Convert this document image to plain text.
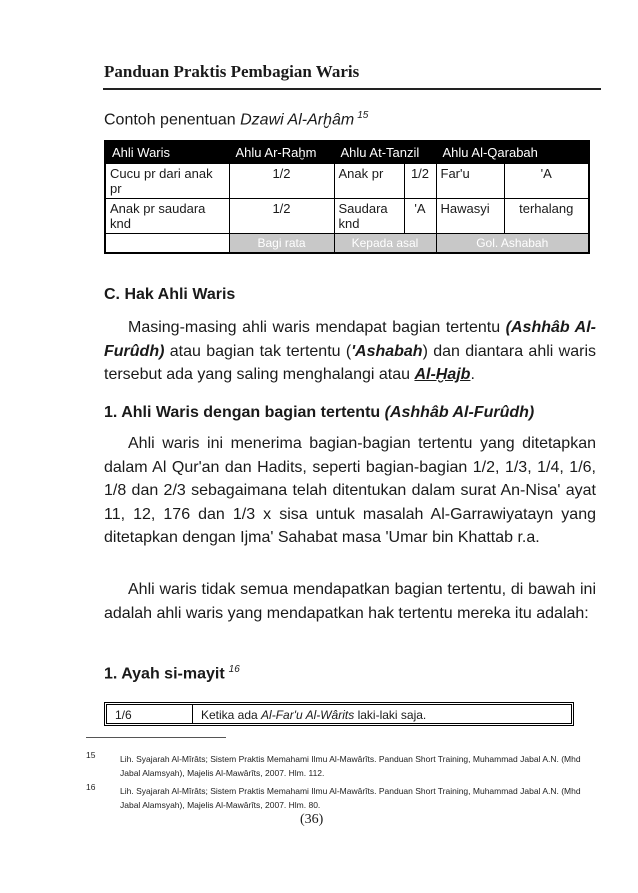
Panduan Praktis Pembagian Waris
Contoh penentuan Dzawi Al-Arḫâm $^{15}$
Ahli Waris	Ahlu Ar-Raḫm	Ahlu At-Tanzil		Ahlu Al-Qarabah	
Cucu pr dari anak pr	1/2	Anak pr	1/2	Far'u	'A
Anak pr saudara knd	1/2	Saudara knd	'A	Hawasyi	terhalang
	Bagi rata	Kepada asal		Gol. Ashabah	
C. Hak Ahli Waris
Masing-masing ahli waris mendapat bagian tertentu (Ashhâb Al-Furûdh) atau bagian tak tertentu ('Ashabah) dan diantara ahli waris tersebut ada yang saling menghalangi atau Al-Ḫajb.
1. Ahli Waris dengan bagian tertentu (Ashhâb Al-Furûdh)
Ahli waris ini menerima bagian-bagian tertentu yang ditetapkan dalam Al Qur'an dan Hadits, seperti bagian-bagian 1/2, 1/3, 1/4, 1/6, 1/8 dan 2/3 sebagaimana telah ditentukan dalam surat An-Nisa' ayat 11, 12, 176 dan 1/3 x sisa untuk masalah Al-Garrawiyatayn yang ditetapkan dengan Ijma' Sahabat masa 'Umar bin Khattab r.a.
Ahli waris tidak semua mendapatkan bagian tertentu, di bawah ini adalah ahli waris yang mendapatkan hak tertentu mereka itu adalah:
1. Ayah si-mayit $^{16}$
1/6	Ketika ada Al-Far'u Al-Wârits laki-laki saja.
15	Lih. Syajarah Al-Mîrâts; Sistem Praktis Memahami Ilmu Al-Mawârîts. Panduan Short Training, Muhammad Jabal A.N. (Mhd Jabal Alamsyah), Majelis Al-Mawârîts, 2007. Hlm. 112.
16	Lih. Syajarah Al-Mîrâts; Sistem Praktis Memahami Ilmu Al-Mawârîts. Panduan Short Training, Muhammad Jabal A.N. (Mhd Jabal Alamsyah), Majelis Al-Mawârîts, 2007. Hlm. 80.
(36)
